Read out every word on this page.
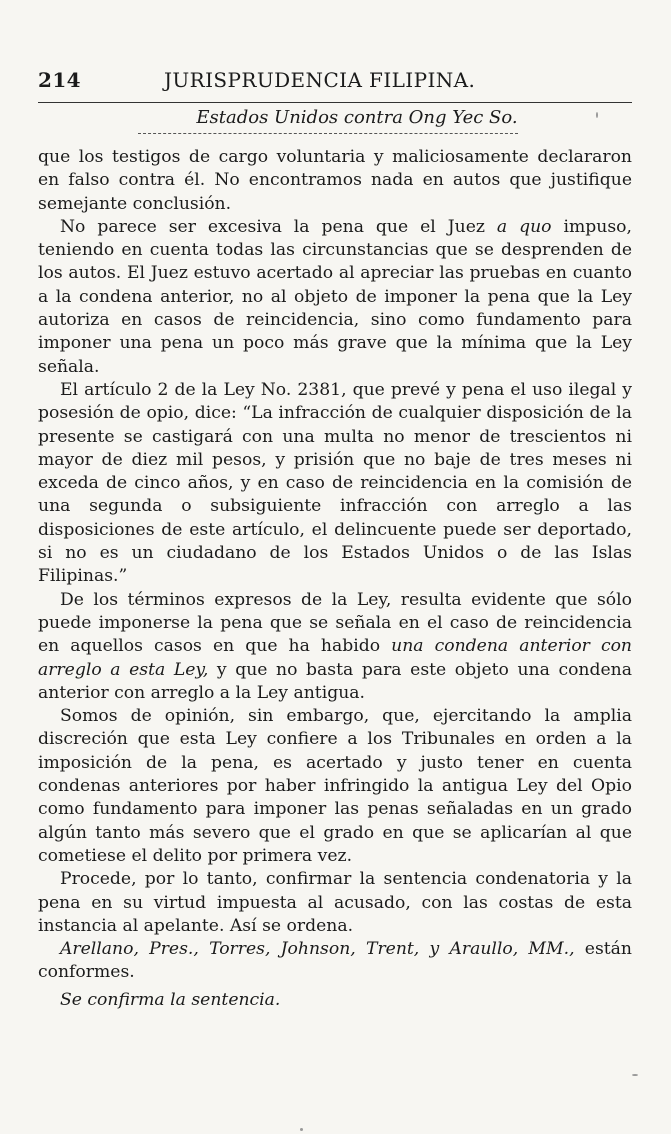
214	JURISPRUDENCIA FILIPINA.
Estados Unidos contra Ong Yec So.

que los testigos de cargo voluntaria y maliciosamente declararon en falso contra él. No encontramos nada en autos que justifique semejante conclusión.

No parece ser excesiva la pena que el Juez a quo impuso, teniendo en cuenta todas las circunstancias que se desprenden de los autos. El Juez estuvo acertado al apreciar las pruebas en cuanto a la condena anterior, no al objeto de imponer la pena que la Ley autoriza en casos de reincidencia, sino como fundamento para imponer una pena un poco más grave que la mínima que la Ley señala.

El artículo 2 de la Ley No. 2381, que prevé y pena el uso ilegal y posesión de opio, dice: “La infracción de cualquier disposición de la presente se castigará con una multa no menor de trescientos ni mayor de diez mil pesos, y prisión que no baje de tres meses ni exceda de cinco años, y en caso de reincidencia en la comisión de una segunda o subsiguiente infracción con arreglo a las disposiciones de este artículo, el delincuente puede ser deportado, si no es un ciudadano de los Estados Unidos o de las Islas Filipinas.”

De los términos expresos de la Ley, resulta evidente que sólo puede imponerse la pena que se señala en el caso de reincidencia en aquellos casos en que ha habido una condena anterior con arreglo a esta Ley, y que no basta para este objeto una condena anterior con arreglo a la Ley antigua.

Somos de opinión, sin embargo, que, ejercitando la amplia discreción que esta Ley confiere a los Tribunales en orden a la imposición de la pena, es acertado y justo tener en cuenta condenas anteriores por haber infringido la antigua Ley del Opio como fundamento para imponer las penas señaladas en un grado algún tanto más severo que el grado en que se aplicarían al que cometiese el delito por primera vez.

Procede, por lo tanto, confirmar la sentencia condenatoria y la pena en su virtud impuesta al acusado, con las costas de esta instancia al apelante. Así se ordena.

Arellano, Pres., Torres, Johnson, Trent, y Araullo, MM., están conformes.

Se confirma la sentencia.
